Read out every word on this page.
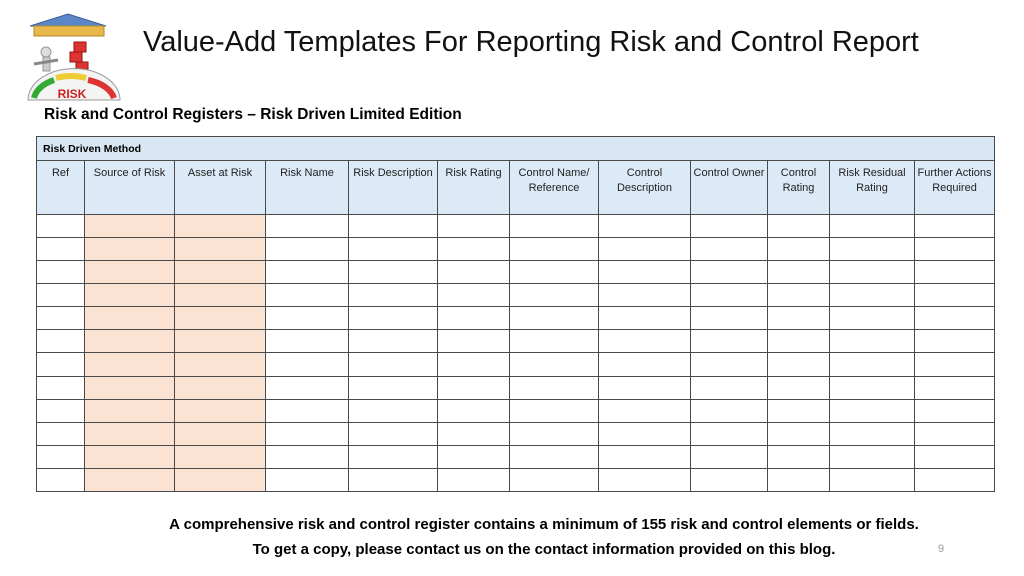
RISK
Value-Add Templates For Reporting Risk and Control Report
Risk and Control Registers – Risk Driven Limited Edition
Risk Driven Method											
Ref	Source of Risk	Asset at Risk	Risk Name	Risk Description	Risk Rating	Control Name/ Reference	Control Description	Control Owner	Control Rating	Risk Residual Rating	Further Actions Required

A comprehensive risk and control register contains a minimum of 155 risk and control elements or fields.
To get a copy, please contact us on the contact information provided on this blog.	9
